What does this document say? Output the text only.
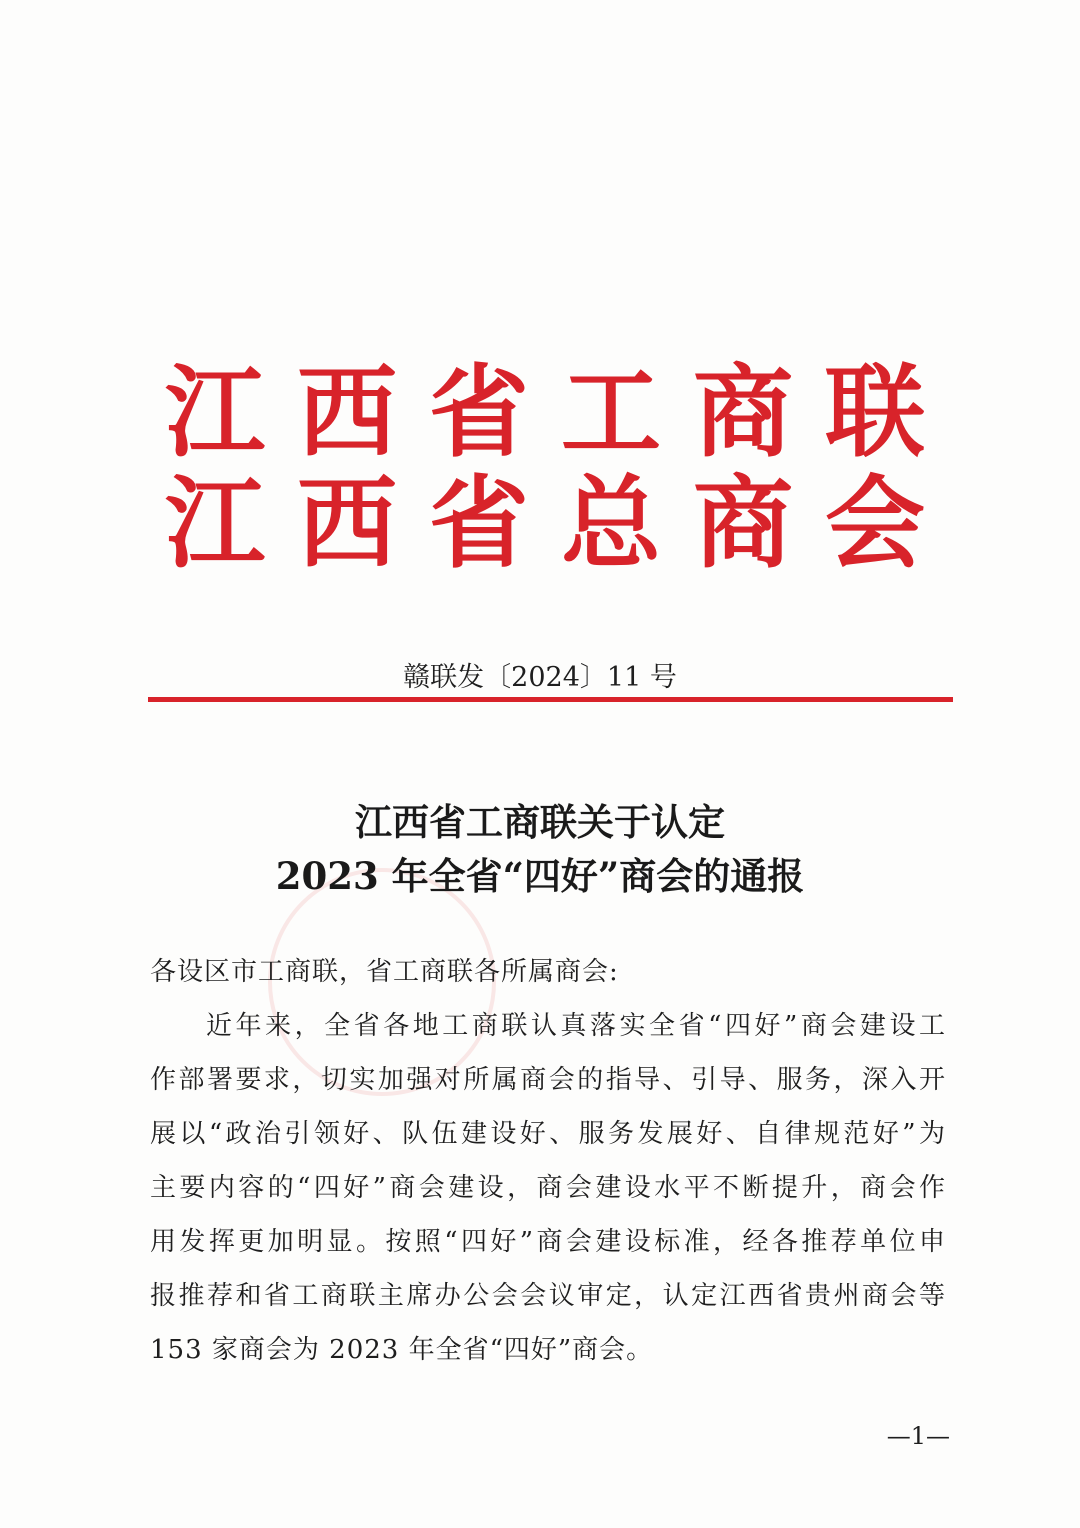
江 西 省 工 商 联
江 西 省 总 商 会
赣联发〔2024〕11 号
江西省工商联关于认定
2023 年全省“四好”商会的通报
各设区市工商联，省工商联各所属商会:
近年来，全省各地工商联认真落实全省“四好”商会建设工
作部署要求，切实加强对所属商会的指导、引导、服务，深入开
展以“政治引领好、队伍建设好、服务发展好、自律规范好”为
主要内容的“四好”商会建设，商会建设水平不断提升，商会作
用发挥更加明显。按照“四好”商会建设标准，经各推荐单位申
报推荐和省工商联主席办公会会议审定，认定江西省贵州商会等
153 家商会为 2023 年全省“四好”商会。
—1—
